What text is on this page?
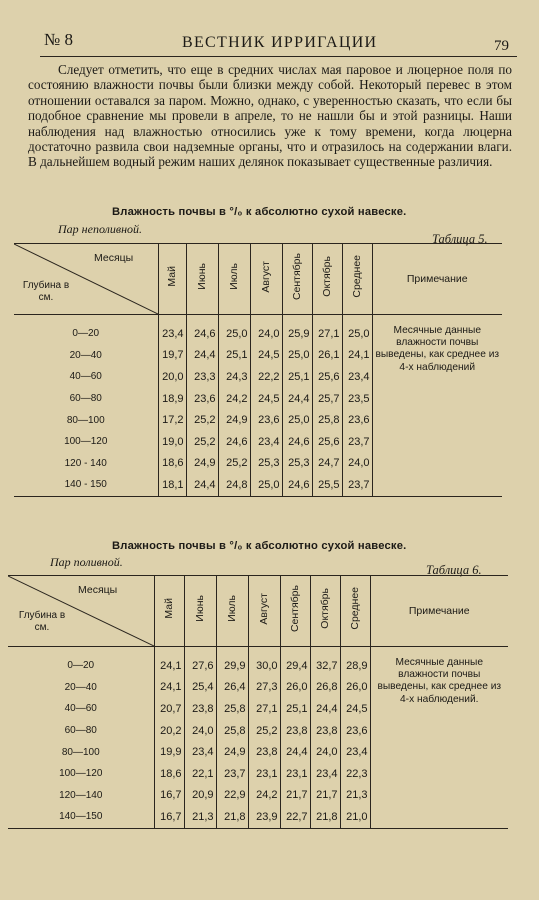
№ 8	ВЕСТНИК ИРРИГАЦИИ	79

Следует отметить, что еще в средних числах мая паровое и люцерное поля по состоянию влажности почвы были близки между собой. Некоторый перевес в этом отношении оставался за паром. Можно, однако, с уверенностью сказать, что если бы подобное сравнение мы провели в апреле, то не нашли бы и этой разницы. Наши наблюдения над влажностью относились уже к тому времени, когда люцерна достаточно развила свои надземные органы, что и отразилось на содержании влаги. В дальнейшем водный режим наших делянок показывает существенные различия.

Влажность почвы в °/₀ к абсолютно сухой навеске.
Пар неполивной.
Таблица 5.
Месяцы
Глубина в см.	Май	Июнь	Июль	Август	Сентябрь	Октябрь	Среднее	Примечание
0—20	23,4	24,6	25,0	24,0	25,9	27,1	25,0	Месячные данные влажности почвы выведены, как среднее из 4-х наблюдений
20—40	19,7	24,4	25,1	24,5	25,0	26,1	24,1	
40—60	20,0	23,3	24,3	22,2	25,1	25,6	23,4	
60—80	18,9	23,6	24,2	24,5	24,4	25,7	23,5	
80—100	17,2	25,2	24,9	23,6	25,0	25,8	23,6	
100—120	19,0	25,2	24,6	23,4	24,6	25,6	23,7	
120 - 140	18,6	24,9	25,2	25,3	25,3	24,7	24,0	
140 - 150	18,1	24,4	24,8	25,0	24,6	25,5	23,7	
Влажность почвы в °/₀ к абсолютно сухой навеске.
Пар поливной.
Таблица 6.
Месяцы
Глубина в см.	Май	Июнь	Июль	Август	Сентябрь	Октябрь	Среднее	Примечание
0—20	24,1	27,6	29,9	30,0	29,4	32,7	28,9	Месячные данные влажности почвы выведены, как среднее из 4-х наблюдений.
20—40	24,1	25,4	26,4	27,3	26,0	26,8	26,0	
40—60	20,7	23,8	25,8	27,1	25,1	24,4	24,5	
60—80	20,2	24,0	25,8	25,2	23,8	23,8	23,6	
80—100	19,9	23,4	24,9	23,8	24,4	24,0	23,4	
100—120	18,6	22,1	23,7	23,1	23,1	23,4	22,3	
120—140	16,7	20,9	22,9	24,2	21,7	21,7	21,3	
140—150	16,7	21,3	21,8	23,9	22,7	21,8	21,0	
